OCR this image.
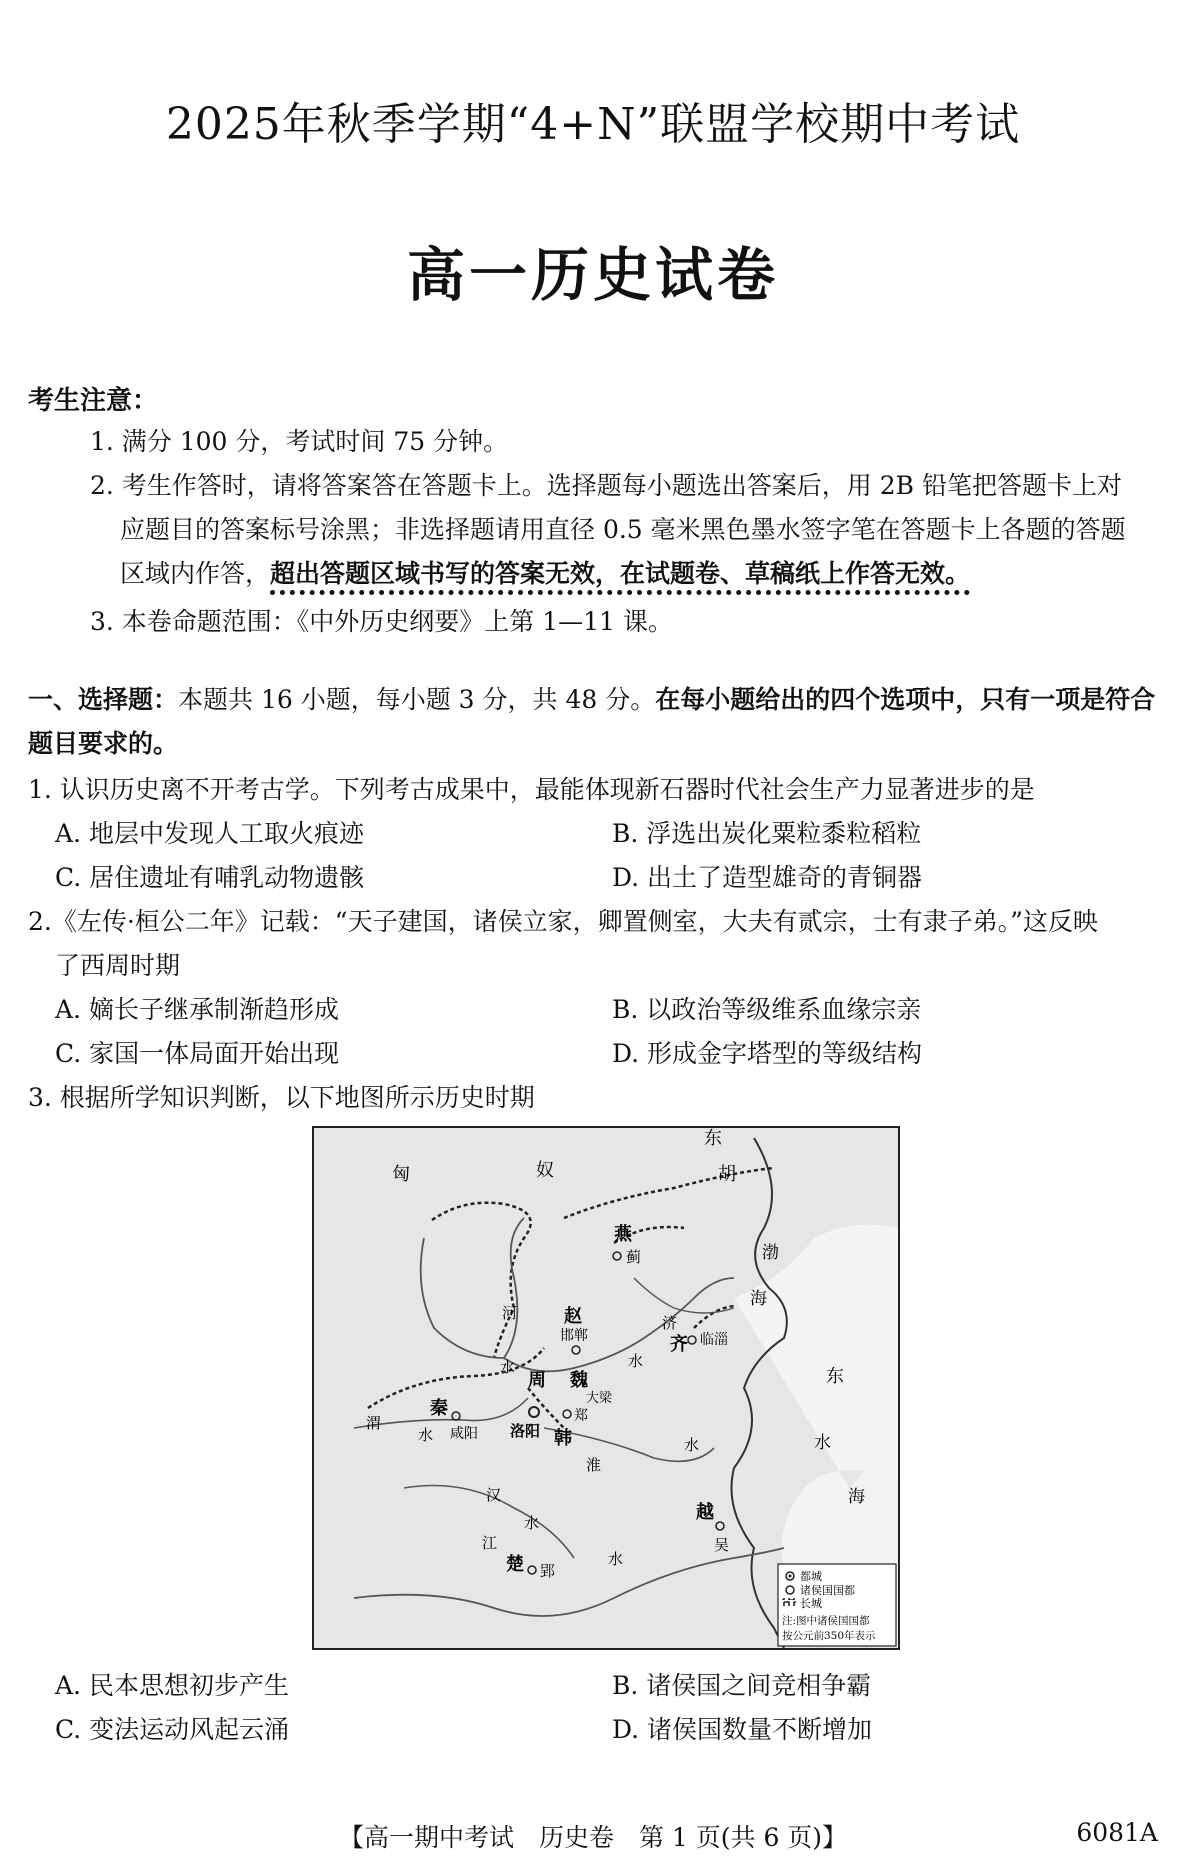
2025年秋季学期“4+N”联盟学校期中考试
高一历史试卷
考生注意：
1. 满分 100 分，考试时间 75 分钟。
2. 考生作答时，请将答案答在答题卡上。选择题每小题选出答案后，用 2B 铅笔把答题卡上对
应题目的答案标号涂黑；非选择题请用直径 0.5 毫米黑色墨水签字笔在答题卡上各题的答题
区域内作答，超出答题区域书写的答案无效，在试题卷、草稿纸上作答无效。
3. 本卷命题范围：《中外历史纲要》上第 1—11 课。
一、选择题：本题共 16 小题，每小题 3 分，共 48 分。在每小题给出的四个选项中，只有一项是符合题目要求的。
1. 认识历史离不开考古学。下列考古成果中，最能体现新石器时代社会生产力显著进步的是
A. 地层中发现人工取火痕迹	B. 浮选出炭化粟粒黍粒稻粒
C. 居住遗址有哺乳动物遗骸	D. 出土了造型雄奇的青铜器
2.《左传·桓公二年》记载：“天子建国，诸侯立家，卿置侧室，大夫有贰宗，士有隶子弟。”这反映
了西周时期
A. 嫡长子继承制渐趋形成	B. 以政治等级维系血缘宗亲
C. 家国一体局面开始出现	D. 形成金字塔型的等级结构
3. 根据所学知识判断，以下地图所示历史时期
匈	奴
东
胡
燕
蓟	渤
海
赵
邯郸
济
齐 临淄
河
水	水
周 魏
大梁
郑
秦
咸阳 洛阳 韩
渭
水
淮
水
汉
水
江
水
楚 郢
越
吴
东
水
海
都城
诸侯国国都
长城
注:图中诸侯国国都
按公元前350年表示
A. 民本思想初步产生	B. 诸侯国之间竞相争霸
C. 变法运动风起云涌	D. 诸侯国数量不断增加
【高一期中考试　历史卷　第 1 页(共 6 页)】	6081A
